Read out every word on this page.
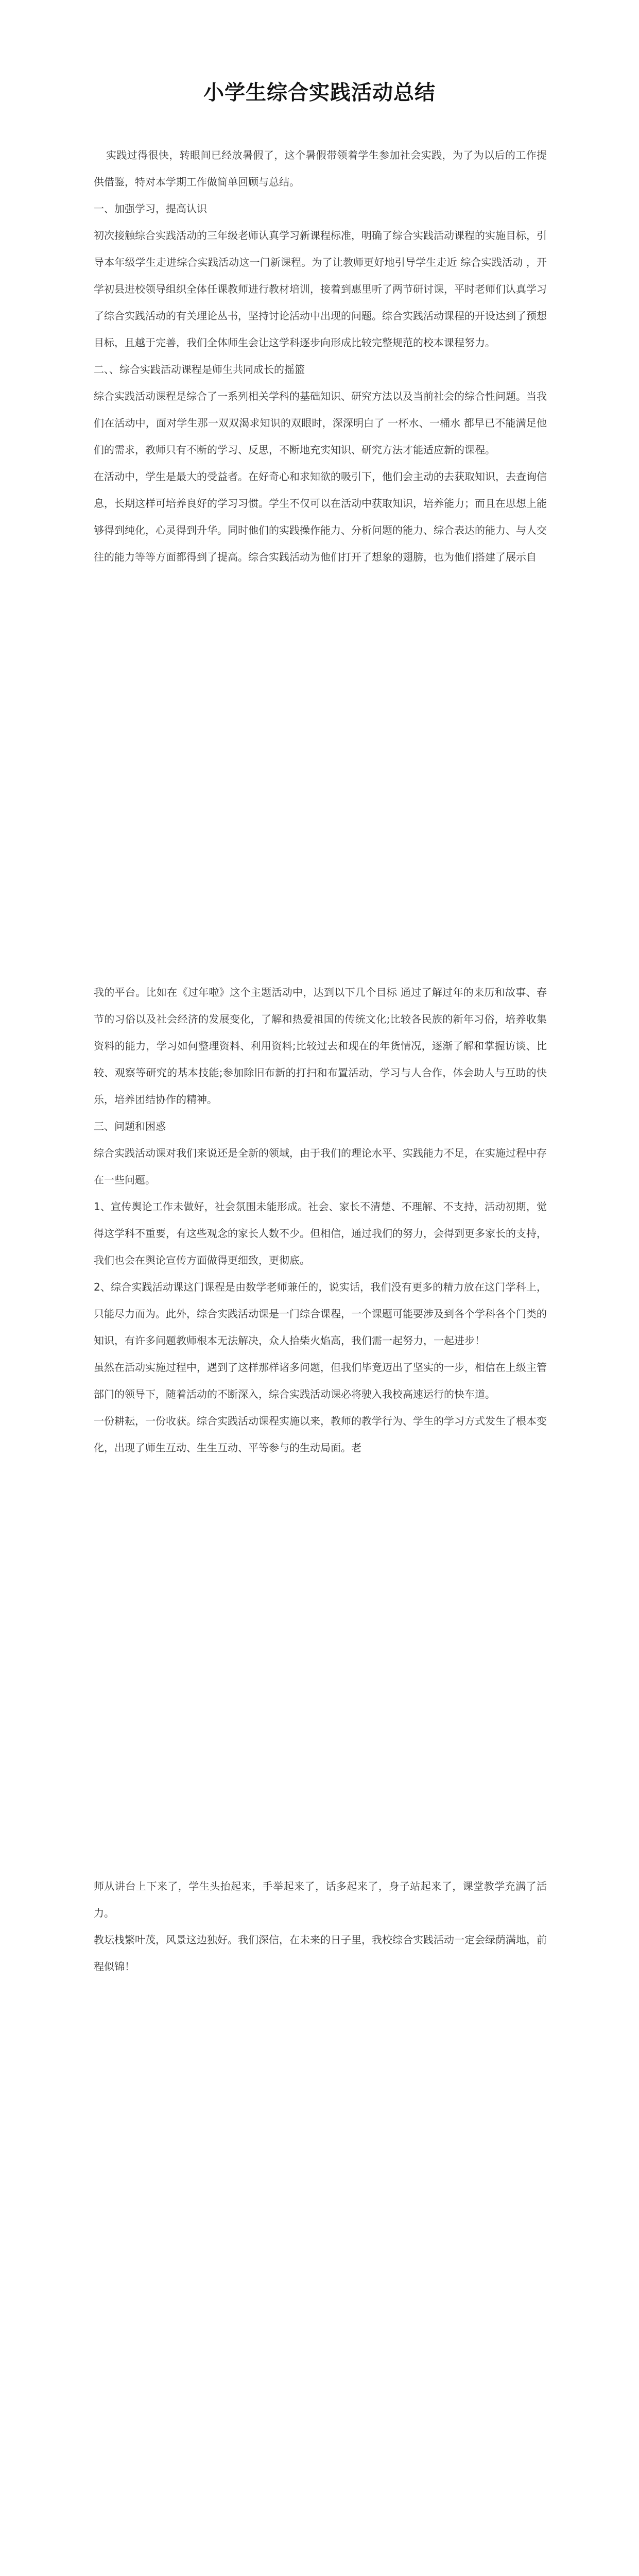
小学生综合实践活动总结

实践过得很快，转眼间已经放暑假了，这个暑假带领着学生参加社会实践，为了为以后的工作提供借鉴，特对本学期工作做简单回顾与总结。

一、加强学习，提高认识

初次接触综合实践活动的三年级老师认真学习新课程标准，明确了综合实践活动课程的实施目标，引导本年级学生走进综合实践活动这一门新课程。为了让教师更好地引导学生走近 综合实践活动 ，开学初县进校领导组织全体任课教师进行教材培训，接着到惠里听了两节研讨课，平时老师们认真学习了综合实践活动的有关理论丛书，坚持讨论活动中出现的问题。综合实践活动课程的开设达到了预想目标，且越于完善，我们全体师生会让这学科逐步向形成比较完整规范的校本课程努力。

二、、综合实践活动课程是师生共同成长的摇篮

综合实践活动课程是综合了一系列相关学科的基础知识、研究方法以及当前社会的综合性问题。当我们在活动中，面对学生那一双双渴求知识的双眼时，深深明白了 一杯水、一桶水 都早已不能满足他们的需求，教师只有不断的学习、反思，不断地充实知识、研究方法才能适应新的课程。

在活动中，学生是最大的受益者。在好奇心和求知欲的吸引下，他们会主动的去获取知识，去查询信息，长期这样可培养良好的学习习惯。学生不仅可以在活动中获取知识，培养能力；而且在思想上能够得到纯化，心灵得到升华。同时他们的实践操作能力、分析问题的能力、综合表达的能力、与人交往的能力等等方面都得到了提高。综合实践活动为他们打开了想象的翅膀，也为他们搭建了展示自

我的平台。比如在《过年啦》这个主题活动中，达到以下几个目标 通过了解过年的来历和故事、春节的习俗以及社会经济的发展变化，了解和热爱祖国的传统文化;比较各民族的新年习俗，培养收集资料的能力，学习如何整理资料、利用资料;比较过去和现在的年货情况，逐渐了解和掌握访谈、比较、观察等研究的基本技能;参加除旧布新的打扫和布置活动，学习与人合作，体会助人与互助的快乐，培养团结协作的精神。

三、问题和困惑

综合实践活动课对我们来说还是全新的领域，由于我们的理论水平、实践能力不足，在实施过程中存在一些问题。

1、宣传舆论工作未做好，社会氛围未能形成。社会、家长不清楚、不理解、不支持，活动初期，觉得这学科不重要，有这些观念的家长人数不少。但相信，通过我们的努力，会得到更多家长的支持，我们也会在舆论宣传方面做得更细致，更彻底。

2、综合实践活动课这门课程是由数学老师兼任的，说实话，我们没有更多的精力放在这门学科上，只能尽力而为。此外，综合实践活动课是一门综合课程，一个课题可能要涉及到各个学科各个门类的知识，有许多问题教师根本无法解决，众人拾柴火焰高，我们需一起努力，一起进步！

虽然在活动实施过程中，遇到了这样那样诸多问题，但我们毕竟迈出了坚实的一步，相信在上级主管部门的领导下，随着活动的不断深入，综合实践活动课必将驶入我校高速运行的快车道。

一份耕耘，一份收获。综合实践活动课程实施以来，教师的教学行为、学生的学习方式发生了根本变化，出现了师生互动、生生互动、平等参与的生动局面。老

师从讲台上下来了，学生头抬起来，手举起来了，话多起来了，身子站起来了，课堂教学充满了活力。

教坛栈繁叶茂，风景这边独好。我们深信，在未来的日子里，我校综合实践活动一定会绿荫满地，前程似锦！
